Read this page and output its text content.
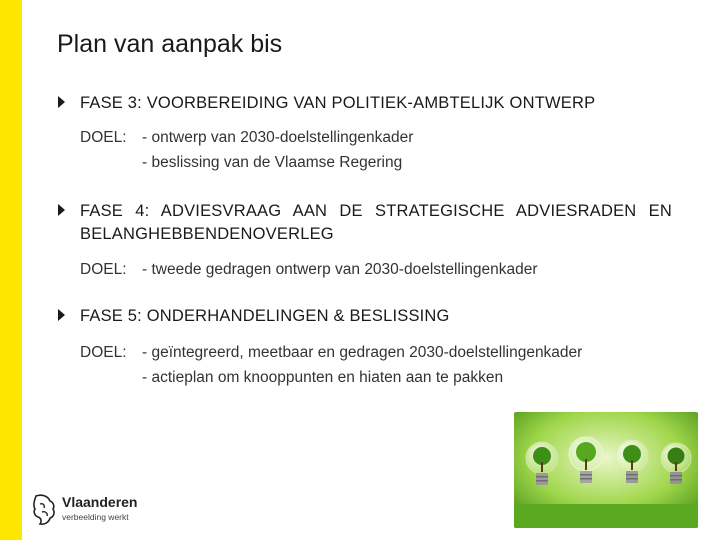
Plan van aanpak bis
FASE 3: VOORBEREIDING VAN POLITIEK-AMBTELIJK ONTWERP
DOEL: - ontwerp van 2030-doelstellingenkader
- beslissing van de Vlaamse Regering
FASE 4: ADVIESVRAAG AAN DE STRATEGISCHE ADVIESRADEN EN BELANGHEBBENDENOVERLEG
DOEL: - tweede gedragen ontwerp van 2030-doelstellingenkader
FASE 5: ONDERHANDELINGEN & BESLISSING
DOEL: - geïntegreerd, meetbaar en gedragen 2030-doelstellingenkader
- actieplan om knooppunten en hiaten aan te pakken
Vlaanderen
verbeelding werkt
